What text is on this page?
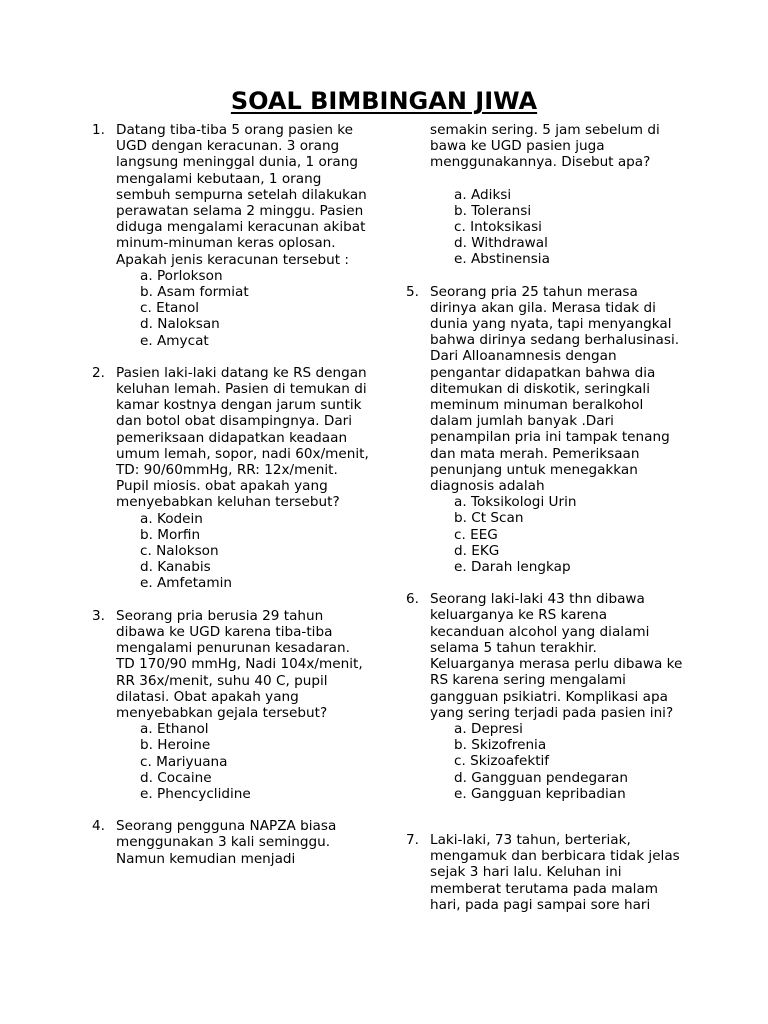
SOAL BIMBINGAN JIWA
1. Datang tiba-tiba 5 orang pasien ke UGD dengan keracunan. 3 orang langsung meninggal dunia, 1 orang mengalami kebutaan, 1 orang sembuh sempurna setelah dilakukan perawatan selama 2 minggu. Pasien diduga mengalami keracunan akibat minum-minuman keras oplosan. Apakah jenis keracunan tersebut :
a. Porlokson
b. Asam formiat
c. Etanol
d. Naloksan
e. Amycat
2. Pasien laki-laki datang ke RS dengan keluhan lemah. Pasien di temukan di kamar kostnya dengan jarum suntik dan botol obat disampingnya. Dari pemeriksaan didapatkan keadaan umum lemah, sopor, nadi 60x/menit, TD: 90/60mmHg, RR: 12x/menit. Pupil miosis. obat apakah yang menyebabkan keluhan tersebut?
a. Kodein
b. Morfin
c. Nalokson
d. Kanabis
e. Amfetamin
3. Seorang pria berusia 29 tahun dibawa ke UGD karena tiba-tiba mengalami penurunan kesadaran. TD 170/90 mmHg, Nadi 104x/menit, RR 36x/menit, suhu 40 C, pupil dilatasi. Obat apakah yang menyebabkan gejala tersebut?
a. Ethanol
b. Heroine
c. Mariyuana
d. Cocaine
e. Phencyclidine
4. Seorang pengguna NAPZA biasa menggunakan 3 kali seminggu. Namun kemudian menjadi
semakin sering. 5 jam sebelum di bawa ke UGD pasien juga menggunakannya. Disebut apa?
a. Adiksi
b. Toleransi
c. Intoksikasi
d. Withdrawal
e. Abstinensia
5. Seorang pria 25 tahun merasa dirinya akan gila. Merasa tidak di dunia yang nyata, tapi menyangkal bahwa dirinya sedang berhalusinasi. Dari Alloanamnesis dengan pengantar didapatkan bahwa dia ditemukan di diskotik, seringkali meminum minuman beralkohol dalam jumlah banyak .Dari penampilan pria ini tampak tenang dan mata merah. Pemeriksaan penunjang untuk menegakkan diagnosis adalah
a. Toksikologi Urin
b. Ct Scan
c. EEG
d. EKG
e. Darah lengkap
6. Seorang laki-laki 43 thn dibawa keluarganya ke RS karena kecanduan alcohol yang dialami selama 5 tahun terakhir. Keluarganya merasa perlu dibawa ke RS karena sering mengalami gangguan psikiatri. Komplikasi apa yang sering terjadi pada pasien ini?
a. Depresi
b. Skizofrenia
c. Skizoafektif
d. Gangguan pendegaran
e. Gangguan kepribadian
7. Laki-laki, 73 tahun, berteriak, mengamuk dan berbicara tidak jelas sejak 3 hari lalu. Keluhan ini memberat terutama pada malam hari, pada pagi sampai sore hari
